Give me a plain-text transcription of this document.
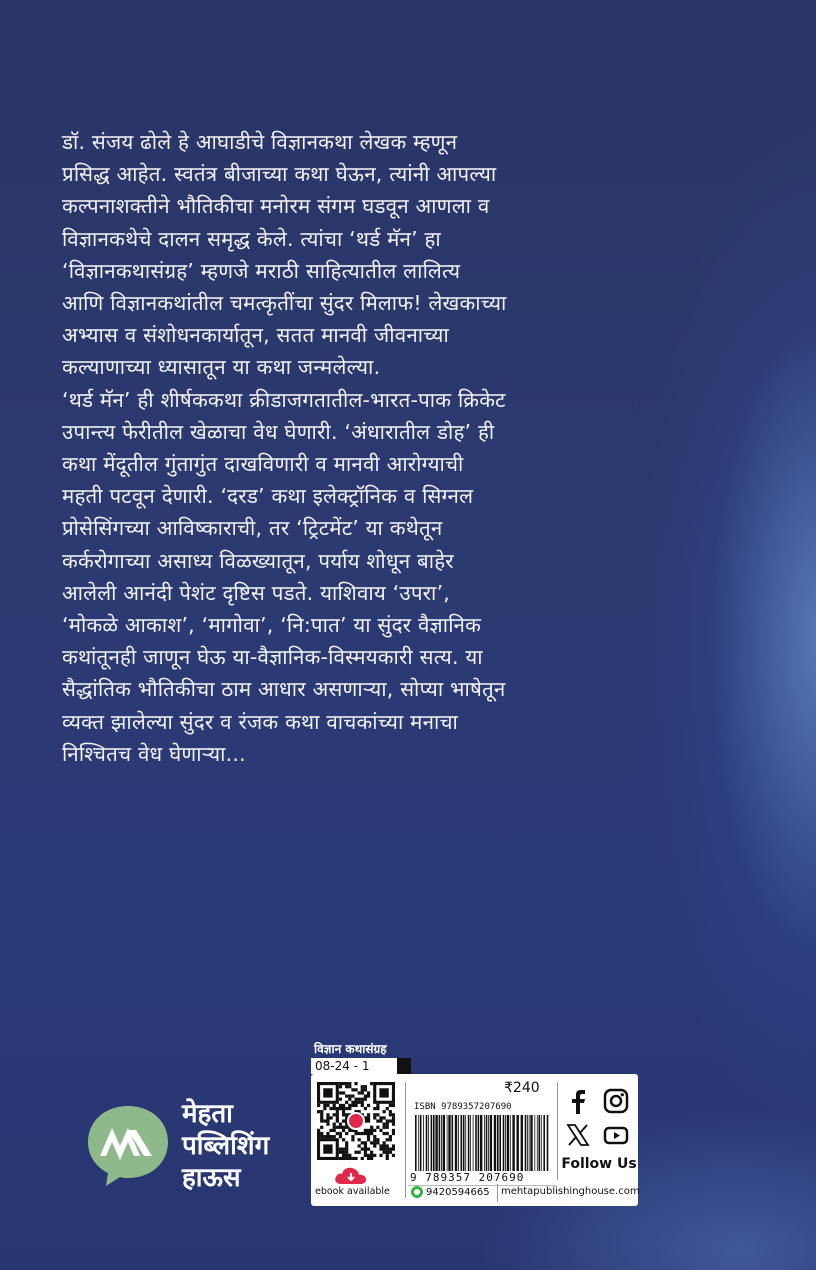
डॉ. संजय ढोले हे आघाडीचे विज्ञानकथा लेखक म्हणून
प्रसिद्ध आहेत. स्वतंत्र बीजाच्या कथा घेऊन, त्यांनी आपल्या
कल्पनाशक्तीने भौतिकीचा मनोरम संगम घडवून आणला व
विज्ञानकथेचे दालन समृद्ध केले. त्यांचा ‘थर्ड मॅन’ हा
‘विज्ञानकथासंग्रह’ म्हणजे मराठी साहित्यातील लालित्य
आणि विज्ञानकथांतील चमत्कृतींचा सुंदर मिलाफ! लेखकाच्या
अभ्यास व संशोधनकार्यातून, सतत मानवी जीवनाच्या
कल्याणाच्या ध्यासातून या कथा जन्मलेल्या.
‘थर्ड मॅन’ ही शीर्षककथा क्रीडाजगतातील-भारत-पाक क्रिकेट
उपान्त्य फेरीतील खेळाचा वेध घेणारी. ‘अंधारातील डोह’ ही
कथा मेंदूतील गुंतागुंत दाखविणारी व मानवी आरोग्याची
महती पटवून देणारी. ‘दरड’ कथा इलेक्ट्रॉनिक व सिग्नल
प्रोसेसिंगच्या आविष्काराची, तर ‘ट्रिटमेंट’ या कथेतून
कर्करोगाच्या असाध्य विळख्यातून, पर्याय शोधून बाहेर
आलेली आनंदी पेशंट दृष्टिस पडते. याशिवाय ‘उपरा’,
‘मोकळे आकाश’, ‘मागोवा’, ‘नि:पात’ या सुंदर वैज्ञानिक
कथांतूनही जाणून घेऊ या-वैज्ञानिक-विस्मयकारी सत्य. या
सैद्धांतिक भौतिकीचा ठाम आधार असणाऱ्या, सोप्या भाषेतून
व्यक्त झालेल्या सुंदर व रंजक कथा वाचकांच्या मनाचा
निश्चितच वेध घेणाऱ्या...
मेहता
पब्लिशिंग
हाऊस
विज्ञान कथासंग्रह
08-24 - 1
ebook available
₹240
ISBN 9789357207690
9 789357 207690
9420594665 mehtapublishinghouse.com
Follow Us
